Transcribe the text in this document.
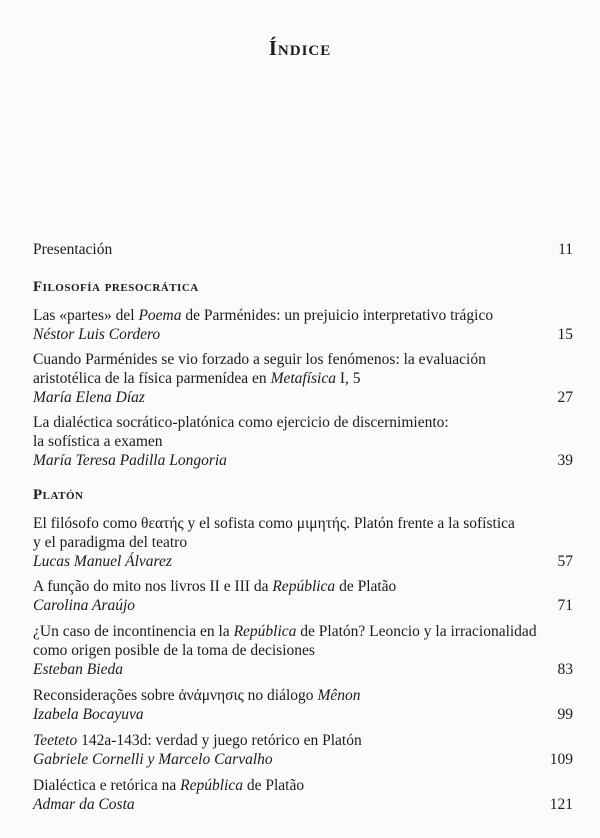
Índice
Presentación	11
Filosofía presocrática
Las «partes» del Poema de Parménides: un prejuicio interpretativo trágico
Néstor Luis Cordero	15
Cuando Parménides se vio forzado a seguir los fenómenos: la evaluación
aristotélica de la física parmenídea en Metafísica I, 5
María Elena Díaz	27
La dialéctica socrático-platónica como ejercicio de discernimiento:
la sofística a examen
María Teresa Padilla Longoria	39
Platón
El filósofo como θεατής y el sofista como μιμητής. Platón frente a la sofística
y el paradigma del teatro
Lucas Manuel Álvarez	57
A função do mito nos livros II e III da República de Platão
Carolina Araújo	71
¿Un caso de incontinencia en la República de Platón? Leoncio y la irracionalidad
como origen posible de la toma de decisiones
Esteban Bieda	83
Reconsiderações sobre ἀνάμνησις no diálogo Mênon
Izabela Bocayuva	99
Teeteto 142a-143d: verdad y juego retórico en Platón
Gabriele Cornelli y Marcelo Carvalho	109
Dialéctica e retórica na República de Platão
Admar da Costa	121
